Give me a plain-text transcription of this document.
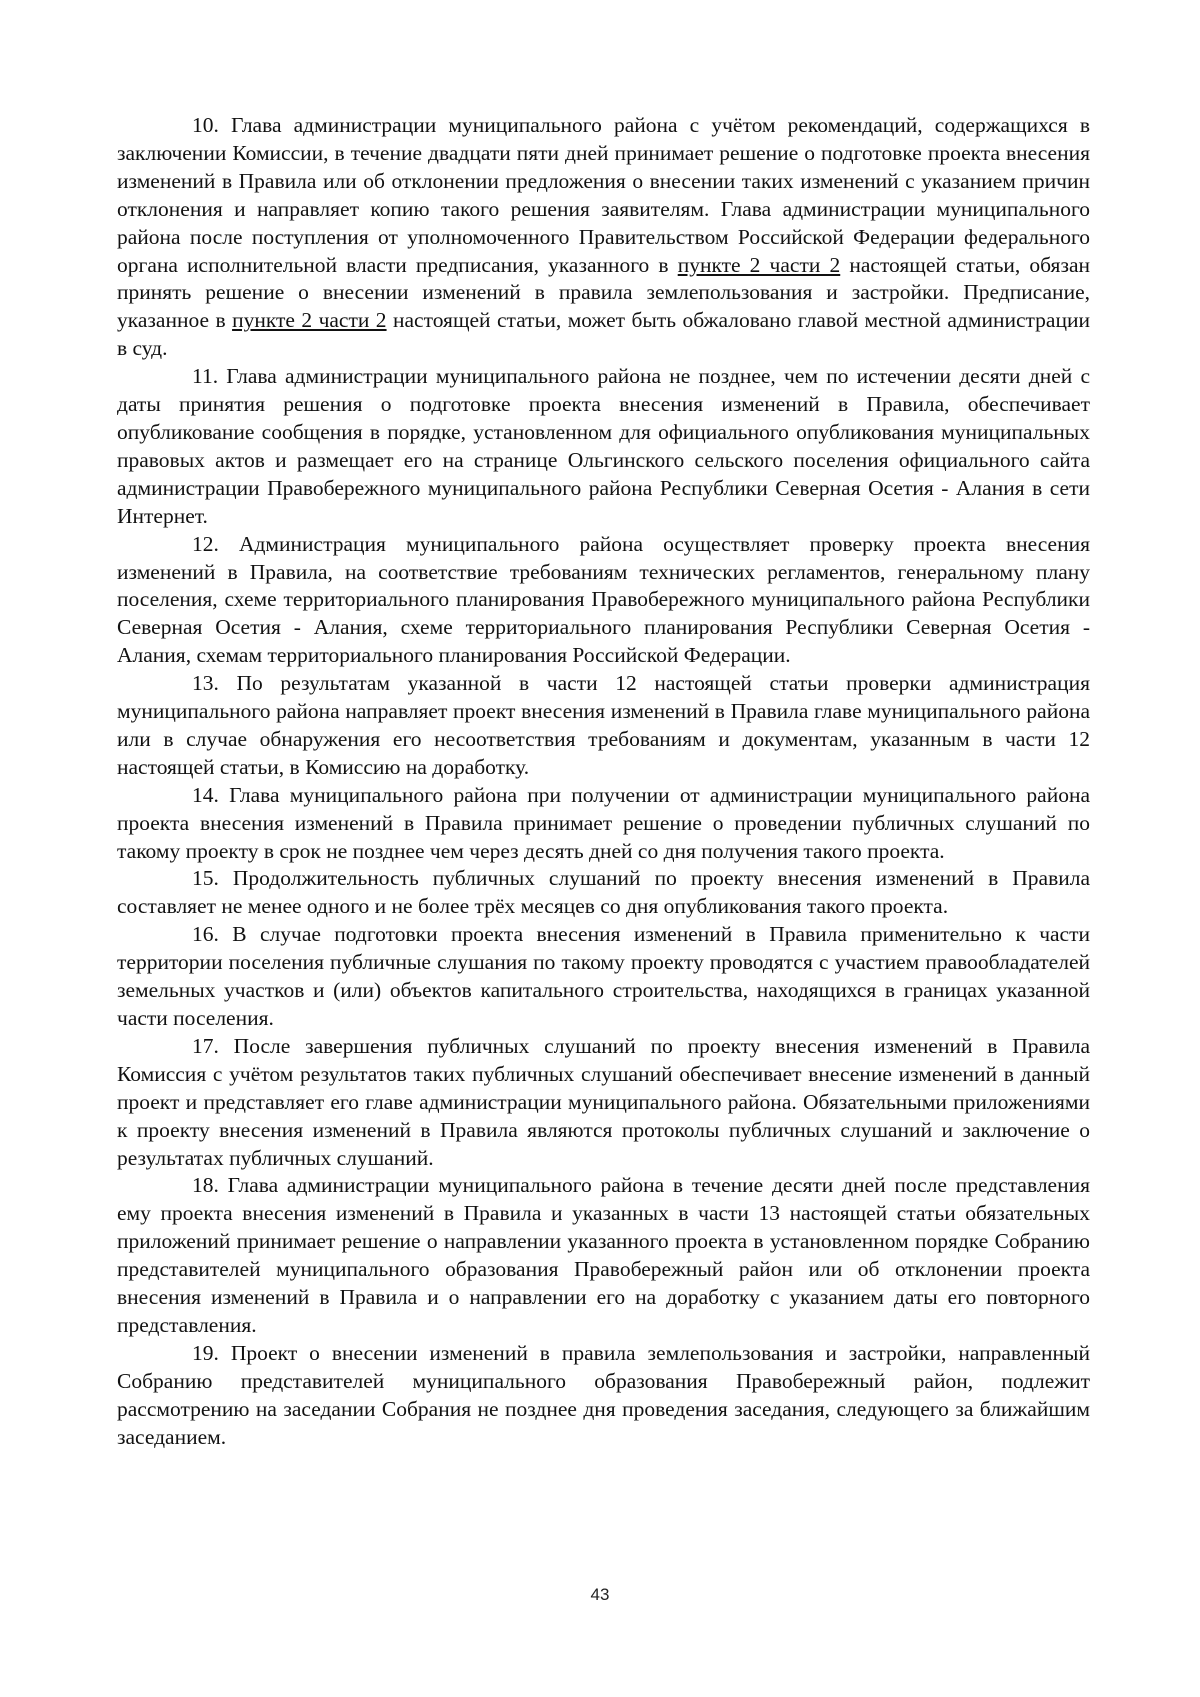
10. Глава администрации муниципального района с учётом рекомендаций, содержащихся в заключении Комиссии, в течение двадцати пяти дней принимает решение о подготовке проекта внесения изменений в Правила или об отклонении предложения о внесении таких изменений с указанием причин отклонения и направляет копию такого решения заявителям. Глава администрации муниципального района после поступления от уполномоченного Правительством Российской Федерации федерального органа исполнительной власти предписания, указанного в пункте 2 части 2 настоящей статьи, обязан принять решение о внесении изменений в правила землепользования и застройки. Предписание, указанное в пункте 2 части 2 настоящей статьи, может быть обжаловано главой местной администрации в суд.

11. Глава администрации муниципального района не позднее, чем по истечении десяти дней с даты принятия решения о подготовке проекта внесения изменений в Правила, обеспечивает опубликование сообщения в порядке, установленном для официального опубликования муниципальных правовых актов и размещает его на странице Ольгинского сельского поселения официального сайта администрации Правобережного муниципального района Республики Северная Осетия - Алания в сети Интернет.

12. Администрация муниципального района осуществляет проверку проекта внесения изменений в Правила, на соответствие требованиям технических регламентов, генеральному плану поселения, схеме территориального планирования Правобережного муниципального района Республики Северная Осетия - Алания, схеме территориального планирования Республики Северная Осетия - Алания, схемам территориального планирования Российской Федерации.

13. По результатам указанной в части 12 настоящей статьи проверки администрация муниципального района направляет проект внесения изменений в Правила главе муниципального района или в случае обнаружения его несоответствия требованиям и документам, указанным в части 12 настоящей статьи, в Комиссию на доработку.

14. Глава муниципального района при получении от администрации муниципального района проекта внесения изменений в Правила принимает решение о проведении публичных слушаний по такому проекту в срок не позднее чем через десять дней со дня получения такого проекта.

15. Продолжительность публичных слушаний по проекту внесения изменений в Правила составляет не менее одного и не более трёх месяцев со дня опубликования такого проекта.

16. В случае подготовки проекта внесения изменений в Правила применительно к части территории поселения публичные слушания по такому проекту проводятся с участием правообладателей земельных участков и (или) объектов капитального строительства, находящихся в границах указанной части поселения.

17. После завершения публичных слушаний по проекту внесения изменений в Правила Комиссия с учётом результатов таких публичных слушаний обеспечивает внесение изменений в данный проект и представляет его главе администрации муниципального района. Обязательными приложениями к проекту внесения изменений в Правила являются протоколы публичных слушаний и заключение о результатах публичных слушаний.

18. Глава администрации муниципального района в течение десяти дней после представления ему проекта внесения изменений в Правила и указанных в части 13 настоящей статьи обязательных приложений принимает решение о направлении указанного проекта в установленном порядке Собранию представителей муниципального образования Правобережный район или об отклонении проекта внесения изменений в Правила и о направлении его на доработку с указанием даты его повторного представления.

19. Проект о внесении изменений в правила землепользования и застройки, направленный Собранию представителей муниципального образования Правобережный район, подлежит рассмотрению на заседании Собрания не позднее дня проведения заседания, следующего за ближайшим заседанием.

43
